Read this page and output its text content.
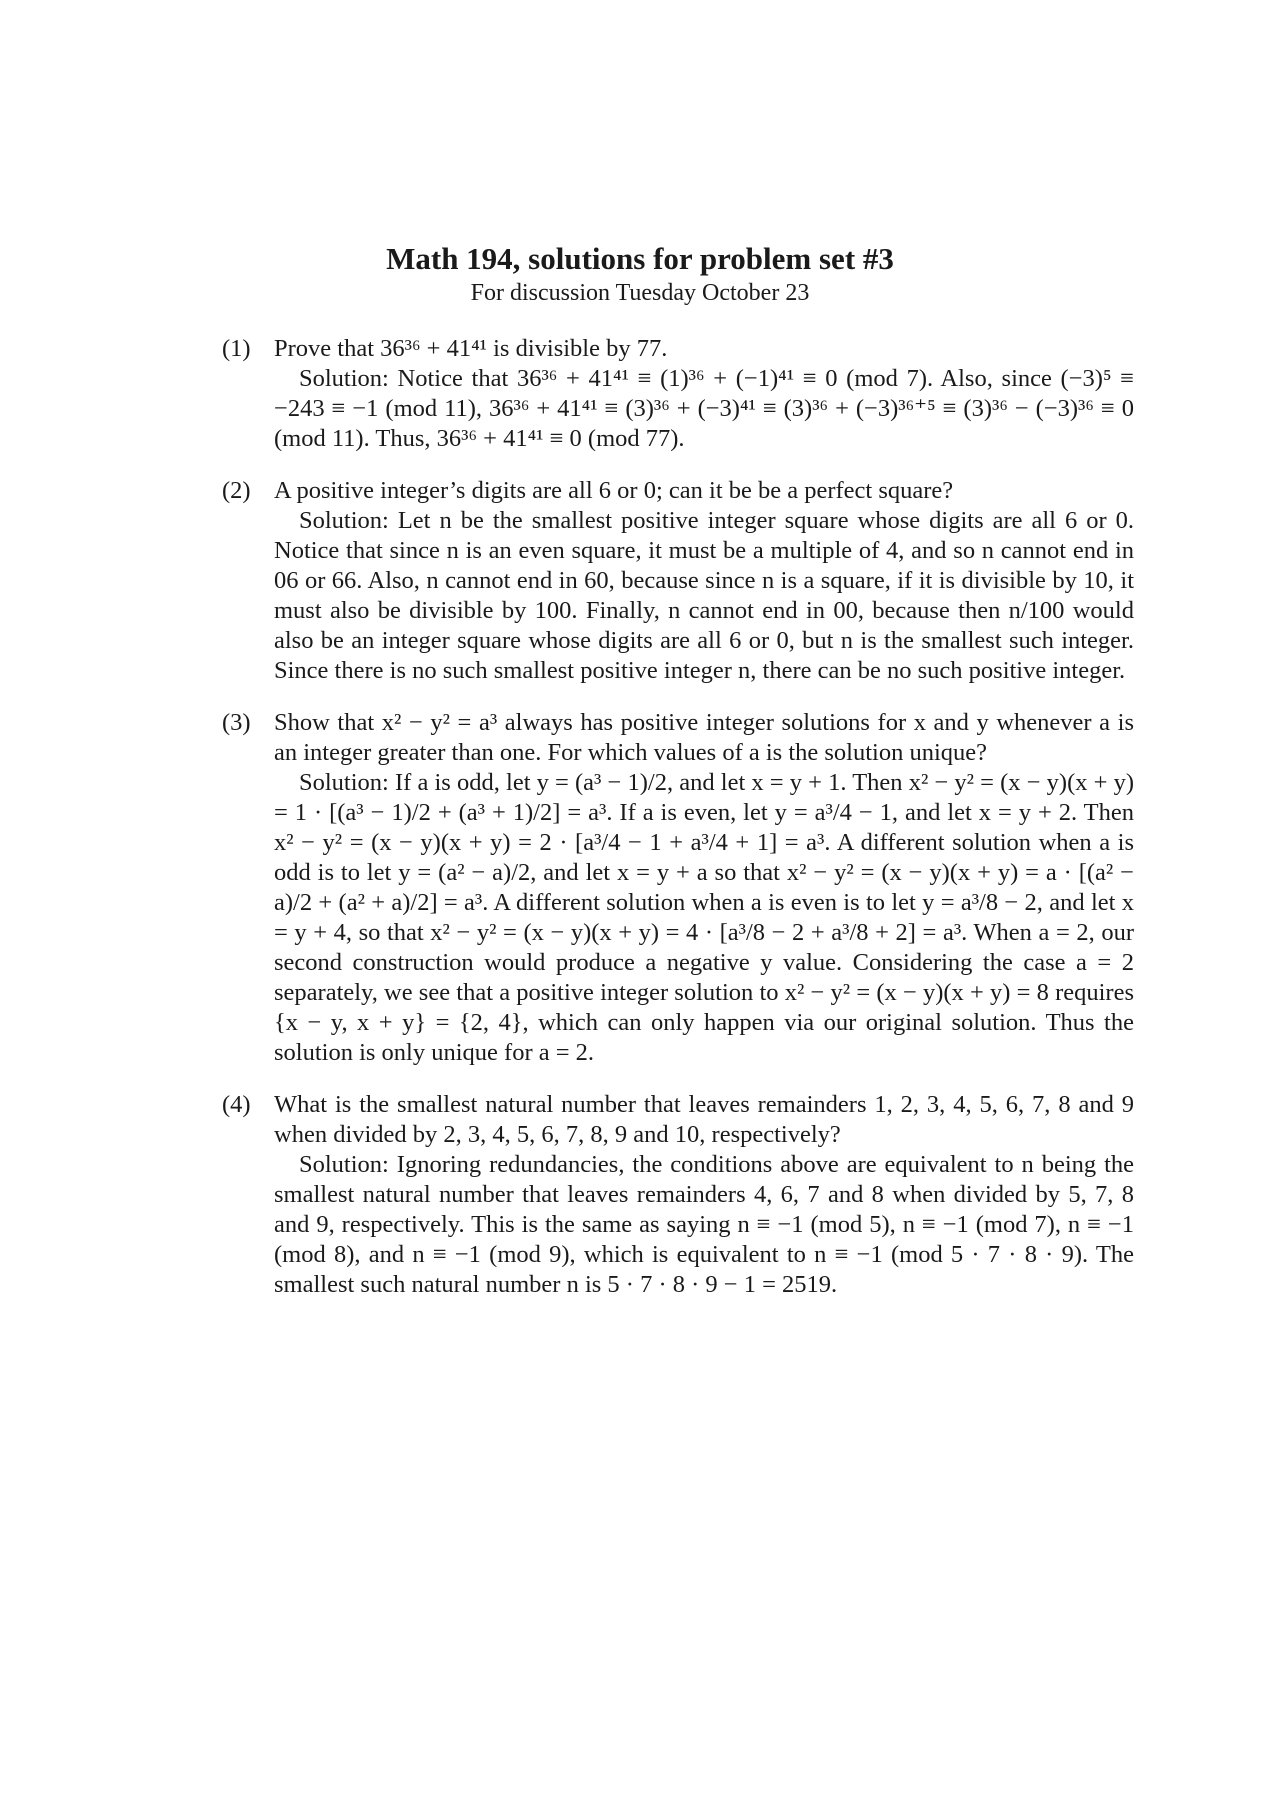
Math 194, solutions for problem set #3

For discussion Tuesday October 23

(1) Prove that 36³⁶ + 41⁴¹ is divisible by 77.

Solution: Notice that 36³⁶ + 41⁴¹ ≡ (1)³⁶ + (−1)⁴¹ ≡ 0 (mod 7). Also, since (−3)⁵ ≡ −243 ≡ −1 (mod 11), 36³⁶ + 41⁴¹ ≡ (3)³⁶ + (−3)⁴¹ ≡ (3)³⁶ + (−3)³⁶⁺⁵ ≡ (3)³⁶ − (−3)³⁶ ≡ 0 (mod 11). Thus, 36³⁶ + 41⁴¹ ≡ 0 (mod 77).

(2) A positive integer’s digits are all 6 or 0; can it be be a perfect square?

Solution: Let n be the smallest positive integer square whose digits are all 6 or 0. Notice that since n is an even square, it must be a multiple of 4, and so n cannot end in 06 or 66. Also, n cannot end in 60, because since n is a square, if it is divisible by 10, it must also be divisible by 100. Finally, n cannot end in 00, because then n/100 would also be an integer square whose digits are all 6 or 0, but n is the smallest such integer. Since there is no such smallest positive integer n, there can be no such positive integer.

(3) Show that x² − y² = a³ always has positive integer solutions for x and y whenever a is an integer greater than one. For which values of a is the solution unique?

Solution: If a is odd, let y = (a³ − 1)/2, and let x = y + 1. Then x² − y² = (x − y)(x + y) = 1 · [(a³ − 1)/2 + (a³ + 1)/2] = a³. If a is even, let y = a³/4 − 1, and let x = y + 2. Then x² − y² = (x − y)(x + y) = 2 · [a³/4 − 1 + a³/4 + 1] = a³. A different solution when a is odd is to let y = (a² − a)/2, and let x = y + a so that x² − y² = (x − y)(x + y) = a · [(a² − a)/2 + (a² + a)/2] = a³. A different solution when a is even is to let y = a³/8 − 2, and let x = y + 4, so that x² − y² = (x − y)(x + y) = 4 · [a³/8 − 2 + a³/8 + 2] = a³. When a = 2, our second construction would produce a negative y value. Considering the case a = 2 separately, we see that a positive integer solution to x² − y² = (x − y)(x + y) = 8 requires {x − y, x + y} = {2, 4}, which can only happen via our original solution. Thus the solution is only unique for a = 2.

(4) What is the smallest natural number that leaves remainders 1, 2, 3, 4, 5, 6, 7, 8 and 9 when divided by 2, 3, 4, 5, 6, 7, 8, 9 and 10, respectively?

Solution: Ignoring redundancies, the conditions above are equivalent to n being the smallest natural number that leaves remainders 4, 6, 7 and 8 when divided by 5, 7, 8 and 9, respectively. This is the same as saying n ≡ −1 (mod 5), n ≡ −1 (mod 7), n ≡ −1 (mod 8), and n ≡ −1 (mod 9), which is equivalent to n ≡ −1 (mod 5 · 7 · 8 · 9). The smallest such natural number n is 5 · 7 · 8 · 9 − 1 = 2519.
